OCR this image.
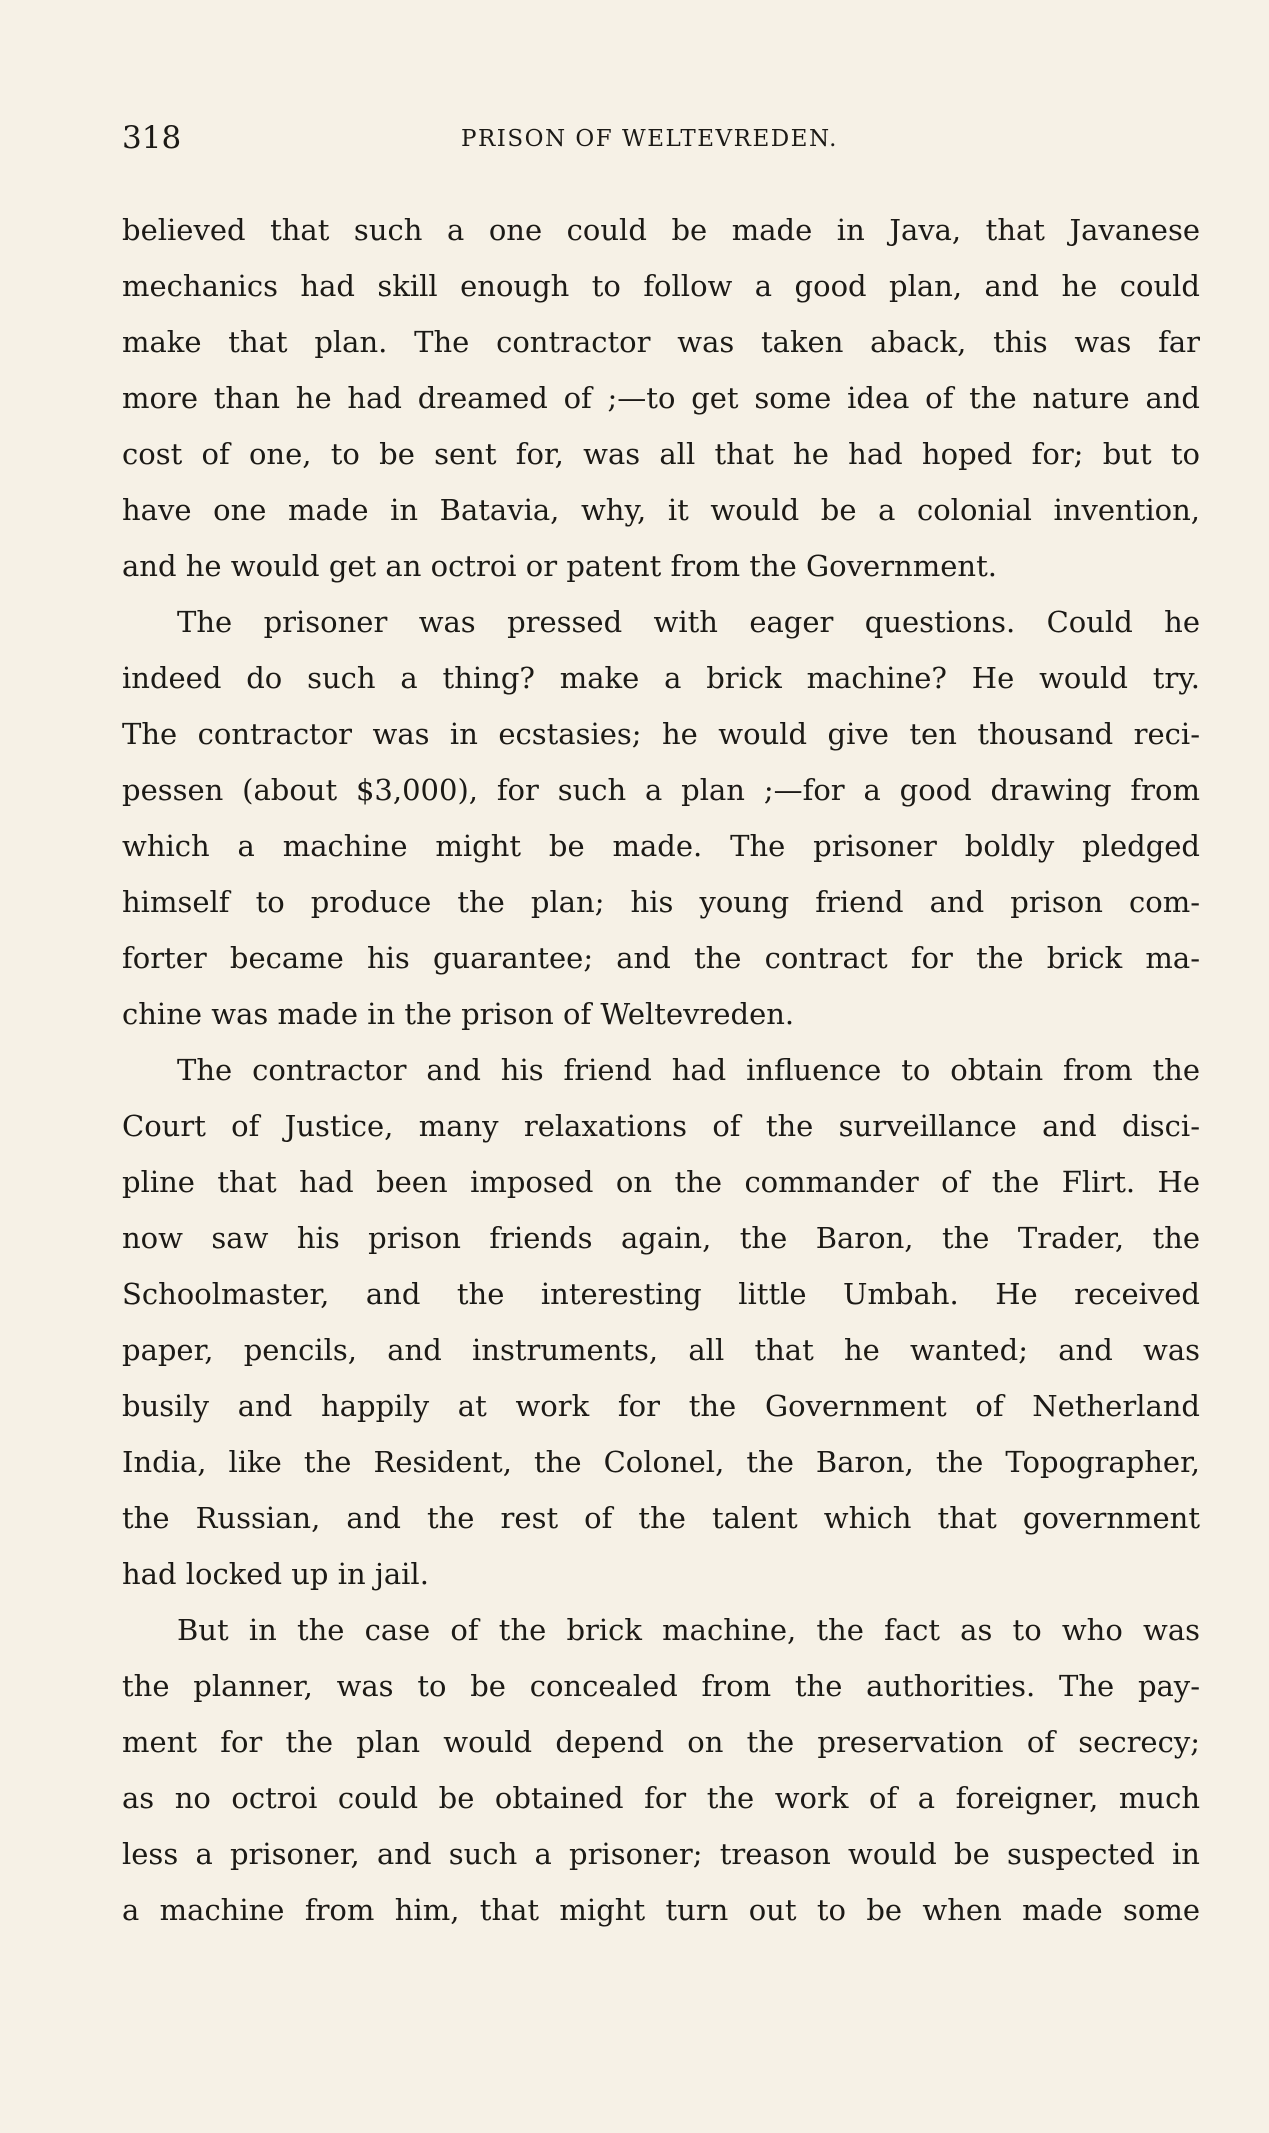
318	PRISON OF WELTEVREDEN.
believed that such a one could be made in Java, that Javanese
mechanics had skill enough to follow a good plan, and he could
make that plan. The contractor was taken aback, this was far
more than he had dreamed of ;—to get some idea of the nature and
cost of one, to be sent for, was all that he had hoped for; but to
have one made in Batavia, why, it would be a colonial invention,
and he would get an octroi or patent from the Government.
The prisoner was pressed with eager questions. Could he
indeed do such a thing? make a brick machine? He would try.
The contractor was in ecstasies; he would give ten thousand reci-
pessen (about $3,000), for such a plan ;—for a good drawing from
which a machine might be made. The prisoner boldly pledged
himself to produce the plan; his young friend and prison com-
forter became his guarantee; and the contract for the brick ma-
chine was made in the prison of Weltevreden.
The contractor and his friend had influence to obtain from the
Court of Justice, many relaxations of the surveillance and disci-
pline that had been imposed on the commander of the Flirt. He
now saw his prison friends again, the Baron, the Trader, the
Schoolmaster, and the interesting little Umbah. He received
paper, pencils, and instruments, all that he wanted; and was
busily and happily at work for the Government of Netherland
India, like the Resident, the Colonel, the Baron, the Topographer,
the Russian, and the rest of the talent which that government
had locked up in jail.
But in the case of the brick machine, the fact as to who was
the planner, was to be concealed from the authorities. The pay-
ment for the plan would depend on the preservation of secrecy;
as no octroi could be obtained for the work of a foreigner, much
less a prisoner, and such a prisoner; treason would be suspected in
a machine from him, that might turn out to be when made some
